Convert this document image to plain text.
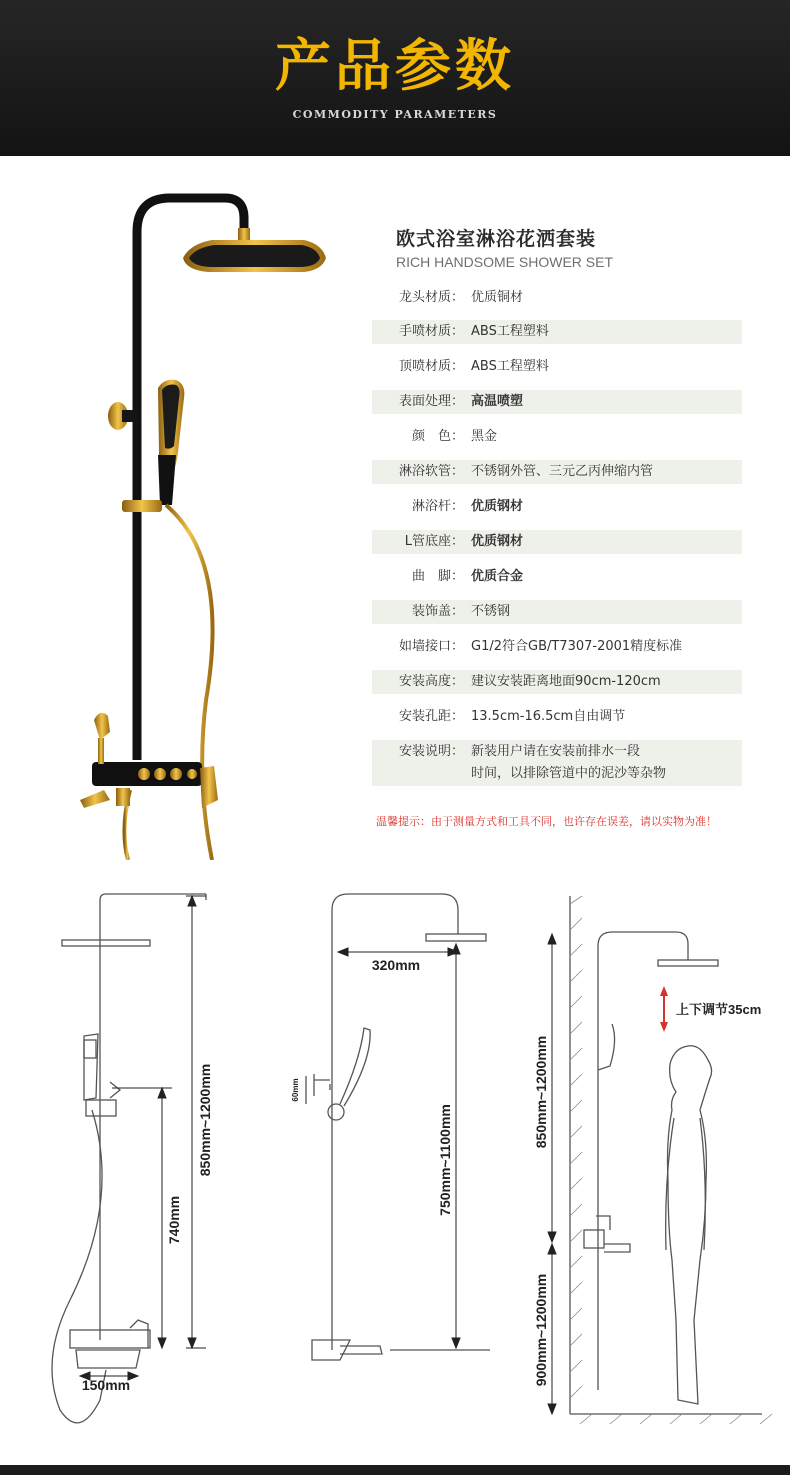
产品参数
COMMODITY PARAMETERS
欧式浴室淋浴花洒套装
RICH HANDSOME SHOWER SET
龙头材质： 优质铜材
手喷材质： ABS工程塑料
顶喷材质： ABS工程塑料
表面处理： 高温喷塑
颜　色： 黑金
淋浴软管： 不锈钢外管、三元乙丙伸缩内管
淋浴杆： 优质钢材
L管底座： 优质钢材
曲　脚： 优质合金
装饰盖： 不锈钢
如墙接口： G1/2符合GB/T7307-2001精度标准
安装高度： 建议安装距离地面90cm-120cm
安装孔距： 13.5cm-16.5cm自由调节
安装说明： 新装用户请在安装前排水一段
时间，以排除管道中的泥沙等杂物
温馨提示：由于测量方式和工具不同，也许存在误差，请以实物为准！
850mm~1200mm
740mm
150mm
320mm
60mm
750mm~1100mm
上下调节35cm
850mm~1200mm
900mm~1200mm
